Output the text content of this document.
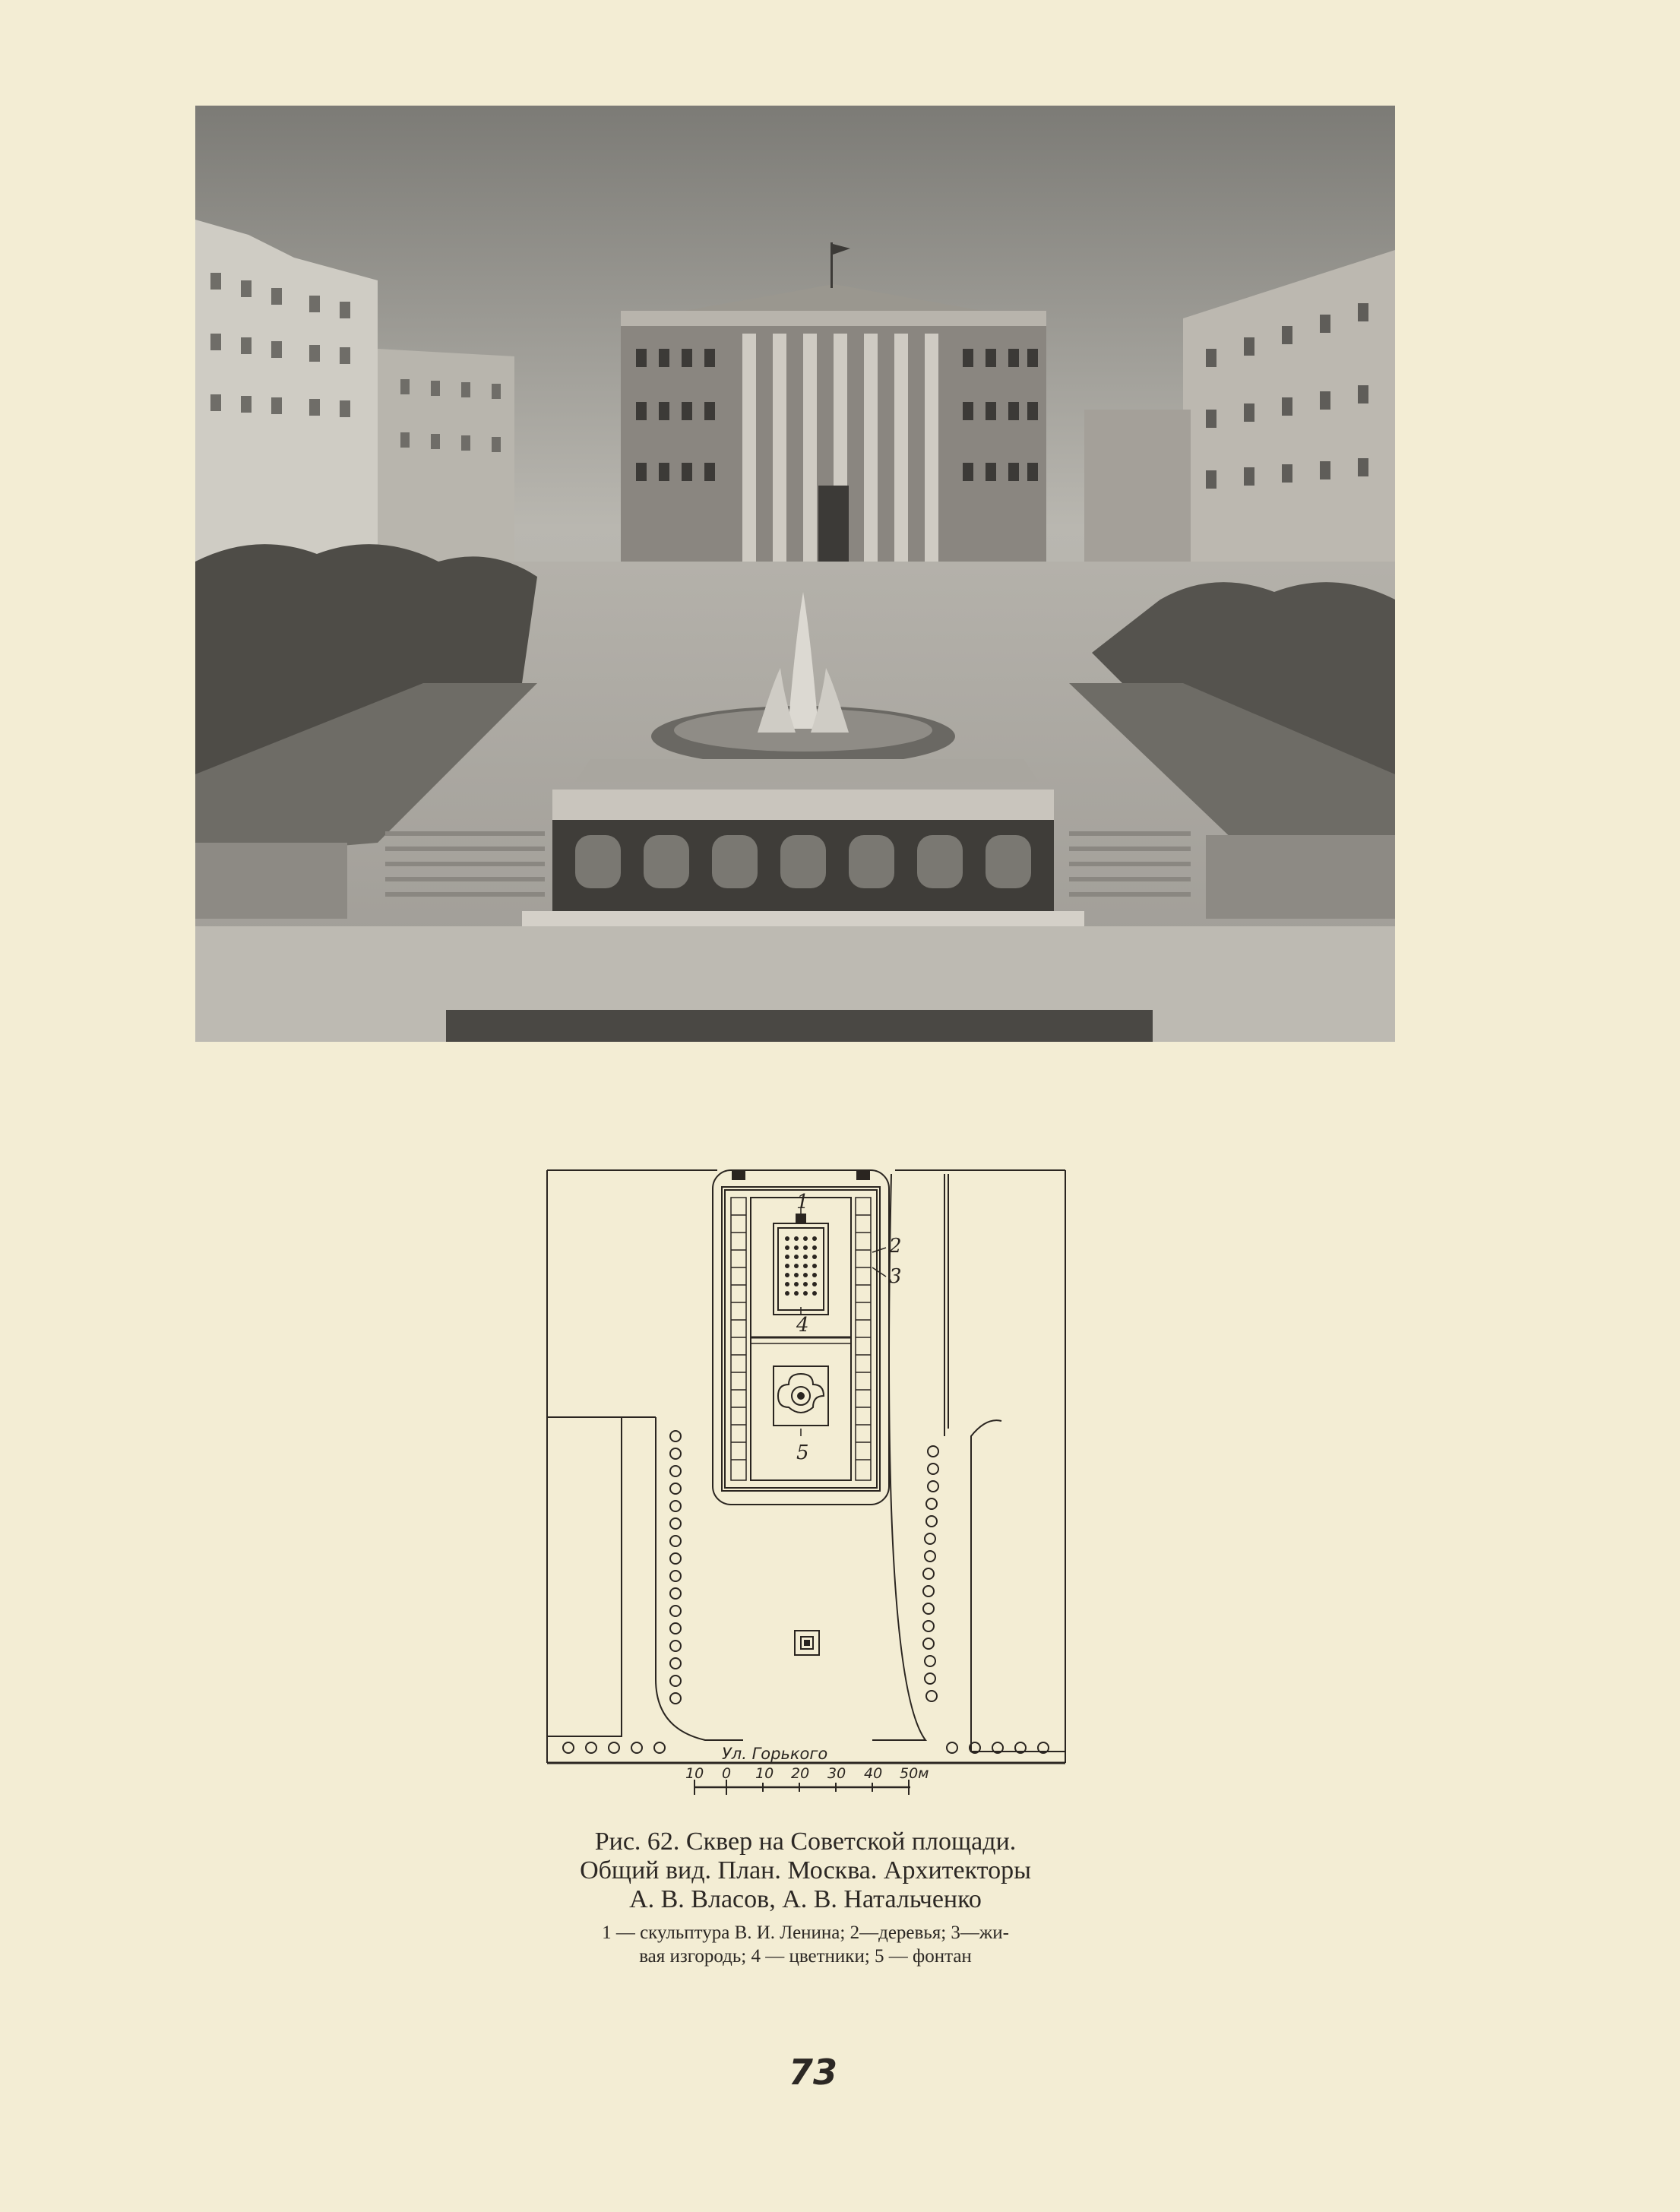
1
2
3
4
5
Ул. Горького
10 0 10 20 30 40 50м
Рис. 62. Сквер на Советской площади.
Общий вид. План. Москва. Архитекторы
А. В. Власов, А. В. Натальченко
1 — скульптура В. И. Ленина; 2—деревья; 3—жи-
вая изгородь; 4 — цветники; 5 — фонтан
73
